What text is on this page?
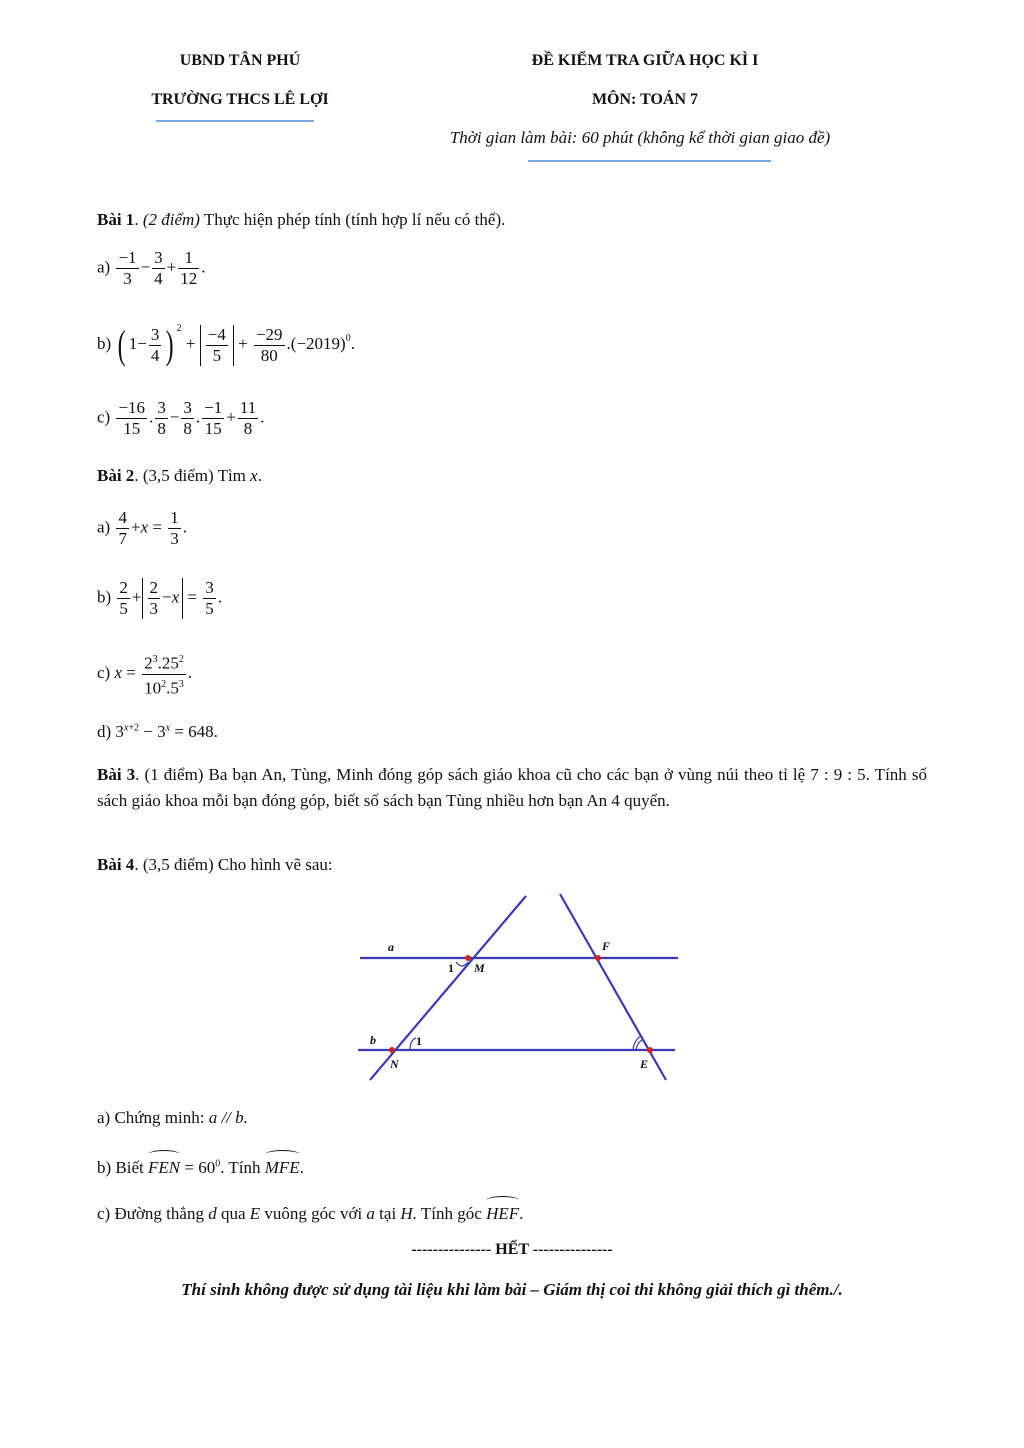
UBND TÂN PHÚ
TRƯỜNG THCS LÊ LỢI
ĐỀ KIỂM TRA GIỮA HỌC KÌ I
MÔN: TOÁN 7
Thời gian làm bài: 60 phút (không kể thời gian giao đề)
Bài 1. (2 điểm) Thực hiện phép tính (tính hợp lí nếu có thể).
$a) \frac{-1}{3} - \frac{3}{4} + \frac{1}{12}$ .
b) ( $1- \frac{3}{4}$ ) $^2 + \frac{-4}{5} + \frac{-29}{80} .(-2019)^0$.
$c) \frac{-16}{15}$ . $\frac{3}{8} - \frac{3}{8}$ . $\frac{-1}{15} + \frac{11}{8}$ .
Bài 2. (3,5 điểm) Tìm x.
$a) \frac{4}{7} +x = \frac{1}{3}$ .
$b) \frac{2}{5} + \frac{2}{3} -x = \frac{3}{5}$ .
c) $x = \frac{2^3.25^2}{10^2.5^3}$ .
d) $3^{x+2} - 3^x = 648$.
Bài 3. (1 điểm) Ba bạn An, Tùng, Minh đóng góp sách giáo khoa cũ cho các bạn ở vùng núi theo tỉ lệ 7 : 9 : 5. Tính số sách giáo khoa mỗi bạn đóng góp, biết số sách bạn Tùng nhiều hơn bạn An 4 quyển.
Bài 4. (3,5 điểm) Cho hình vẽ sau:
a
b
F
M
N	E
1
1
a) Chứng minh: a // b.
b) Biết FEN = $60^0$. Tính MFE.
c) Đường thẳng d qua E vuông góc với a tại H. Tính góc HEF.
--------------- HẾT ---------------
Thí sinh không được sử dụng tài liệu khi làm bài – Giám thị coi thi không giải thích gì thêm./.
